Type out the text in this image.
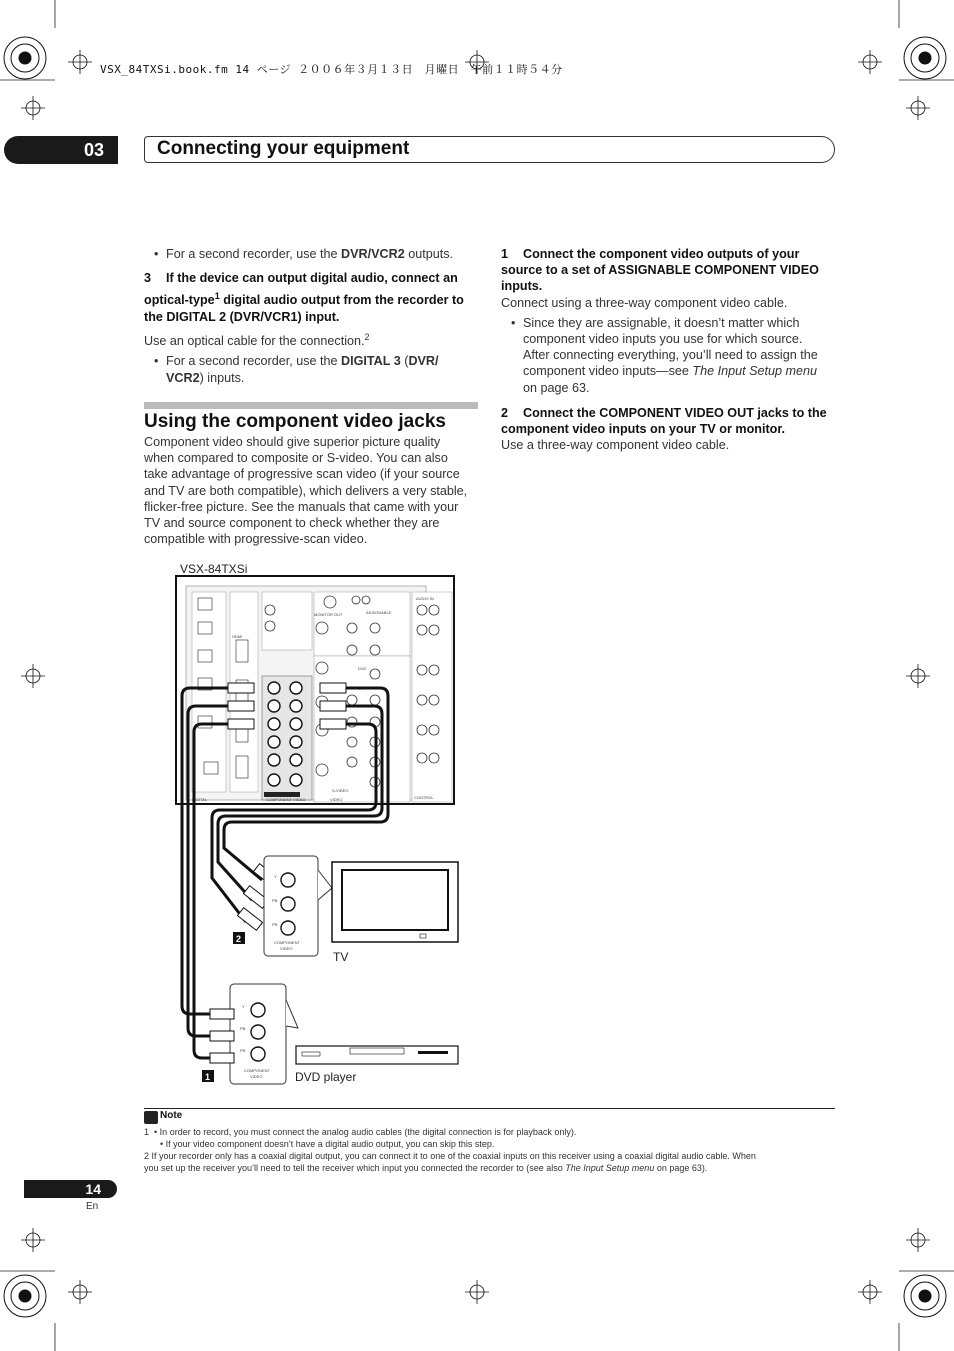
VSX_84TXSi.book.fm 14 ページ ２００６年３月１３日　月曜日　午前１１時５４分
03	Connecting your equipment

• For a second recorder, use the DVR/VCR2 outputs.

3 If the device can output digital audio, connect an

optical-type$^1$ digital audio output from the recorder to

the DIGITAL 2 (DVR/VCR1) input.

Use an optical cable for the connection.$^2$

• For a second recorder, use the DIGITAL 3 (DVR/
VCR2) inputs.

Using the component video jacks

Component video should give superior picture quality

when compared to composite or S-video. You can also

take advantage of progressive scan video (if your source

and TV are both compatible), which delivers a very stable,

flicker-free picture. See the manuals that came with your

TV and source component to check whether they are

compatible with progressive-scan video.

1 Connect the component video outputs of your

source to a set of ASSIGNABLE COMPONENT VIDEO

inputs.

Connect using a three-way component video cable.

• Since they are assignable, it doesn’t matter which

component video inputs you use for which source.

After connecting everything, you’ll need to assign the

component video inputs—see The Input Setup menu

on page 63.

2 Connect the COMPONENT VIDEO OUT jacks to the

component video inputs on your TV or monitor.

Use a three-way component video cable.

VSX-84TXSi
DIGITAL	COMPONENT VIDEO	VIDEO	CONTROL
HDMI
MONITOR OUT
S-VIDEO
ASSIGNABLE
AUDIO IN
DVD
TV
Y
PB
PR
COMPONENT
VIDEO
2
Y
PB
PR
COMPONENT
VIDEO
1
TV
DVD player
Note
1 • In order to record, you must connect the analog audio cables (the digital connection is for playback only).
• If your video component doesn’t have a digital audio output, you can skip this step.
2 If your recorder only has a coaxial digital output, you can connect it to one of the coaxial inputs on this receiver using a coaxial digital audio cable. When
you set up the receiver you’ll need to tell the receiver which input you connected the recorder to (see also The Input Setup menu on page 63).
14
En
